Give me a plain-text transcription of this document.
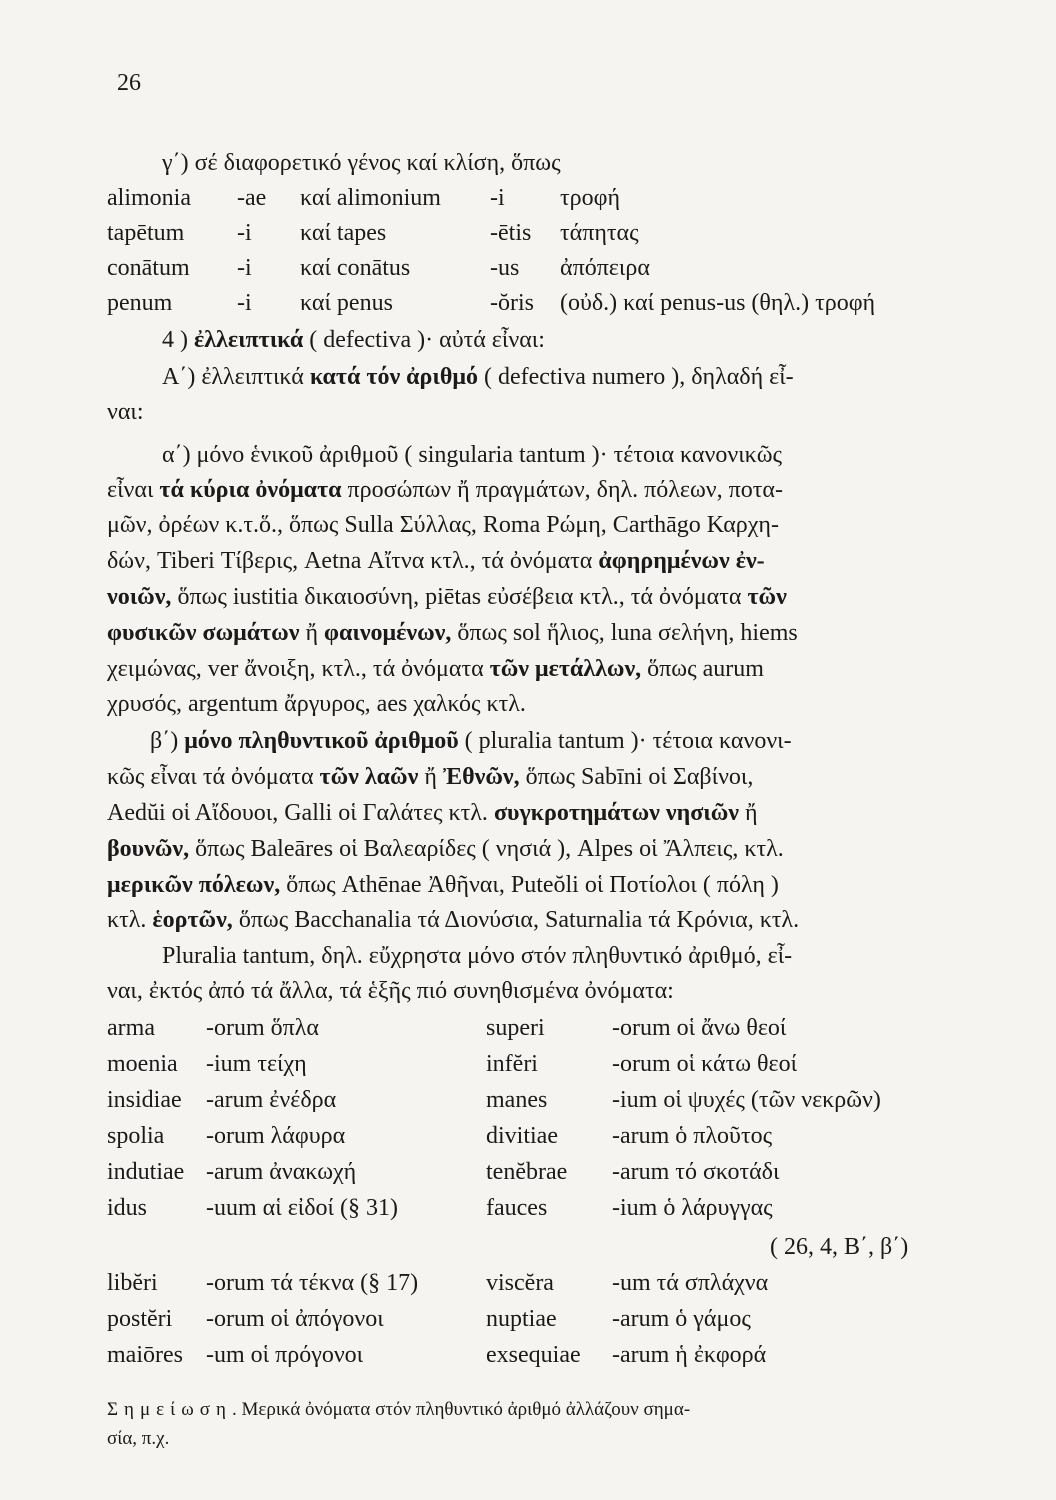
26
γ΄) σέ διαφορετικό γένος καί κλίση, ὅπως
alimonia -ae καί alimonium -i τροφή
tapētum -i καί tapes	-ētis τάπητας
conātum -i καί conātus	-us ἀπόπειρα
penum	-i καί penus	-ŏris (οὐδ.) καί penus-us (θηλ.) τροφή
4 ) ἐλλειπτικά ( defectiva )· αὐτά εἶναι:
Α΄) ἐλλειπτικά κατά τόν ἀριθμό ( defectiva numero ), δηλαδή εἶ-
ναι:
α΄) μόνο ἑνικοῦ ἀριθμοῦ ( singularia tantum )· τέτοια κανονικῶς
εἶναι τά κύρια ὀνόματα προσώπων ἤ πραγμάτων, δηλ. πόλεων, ποτα-
μῶν, ὀρέων κ.τ.ὅ., ὅπως Sulla Σύλλας, Roma Ρώμη, Carthāgo Καρχη-
δών, Tiberi Τίβερις, Aetna Αἴτνα κτλ., τά ὀνόματα ἀφηρημένων ἐν-
νοιῶν, ὅπως iustitia δικαιοσύνη, piētas εὐσέβεια κτλ., τά ὀνόματα τῶν
φυσικῶν σωμάτων ἤ φαινομένων, ὅπως sol ἥλιος, luna σελήνη, hiems
χειμώνας, ver ἄνοιξη, κτλ., τά ὀνόματα τῶν μετάλλων, ὅπως aurum
χρυσός, argentum ἄργυρος, aes χαλκός κτλ.
β΄) μόνο πληθυντικοῦ ἀριθμοῦ ( pluralia tantum )· τέτοια κανονι-
κῶς εἶναι τά ὀνόματα τῶν λαῶν ἤ Ἐθνῶν, ὅπως Sabīni οἱ Σαβίνοι,
Aedŭi οἱ Αἴδουοι, Galli οἱ Γαλάτες κτλ. συγκροτημάτων νησιῶν ἤ
βουνῶν, ὅπως Baleāres οἱ Βαλεαρίδες ( νησιά ), Alpes οἱ Ἄλπεις, κτλ.
μερικῶν πόλεων, ὅπως Athēnae Ἀθῆναι, Puteŏli οἱ Ποτίολοι ( πόλη )
κτλ. ἑορτῶν, ὅπως Bacchanalia τά Διονύσια, Saturnalia τά Κρόνια, κτλ.
Pluralia tantum, δηλ. εὔχρηστα μόνο στόν πληθυντικό ἀριθμό, εἶ-
ναι, ἐκτός ἀπό τά ἄλλα, τά ἑξῆς πιό συνηθισμένα ὀνόματα:
arma -orum ὅπλα	superi	-orum οἱ ἄνω θεοί
moenia -ium τείχη	infĕri	-orum οἱ κάτω θεοί
insidiae -arum ἐνέδρα	manes	-ium οἱ ψυχές (τῶν νεκρῶν)
spolia -orum λάφυρα	divitiae -arum ὁ πλοῦτος
indutiae -arum ἀνακωχή	tenĕbrae -arum τό σκοτάδι
idus -uum αἱ εἰδοί (§ 31)	fauces	-ium ὁ λάρυγγας
( 26, 4, Β΄, β΄)
libĕri -orum τά τέκνα (§ 17)	viscĕra -um τά σπλάχνα
postĕri -orum οἱ ἀπόγονοι	nuptiae -arum ὁ γάμος
maiōres -um οἱ πρόγονοι	exsequiae -arum ἡ ἐκφορά
Σημείωση. Μερικά ὀνόματα στόν πληθυντικό ἀριθμό ἀλλάζουν σημα-
σία, π.χ.
